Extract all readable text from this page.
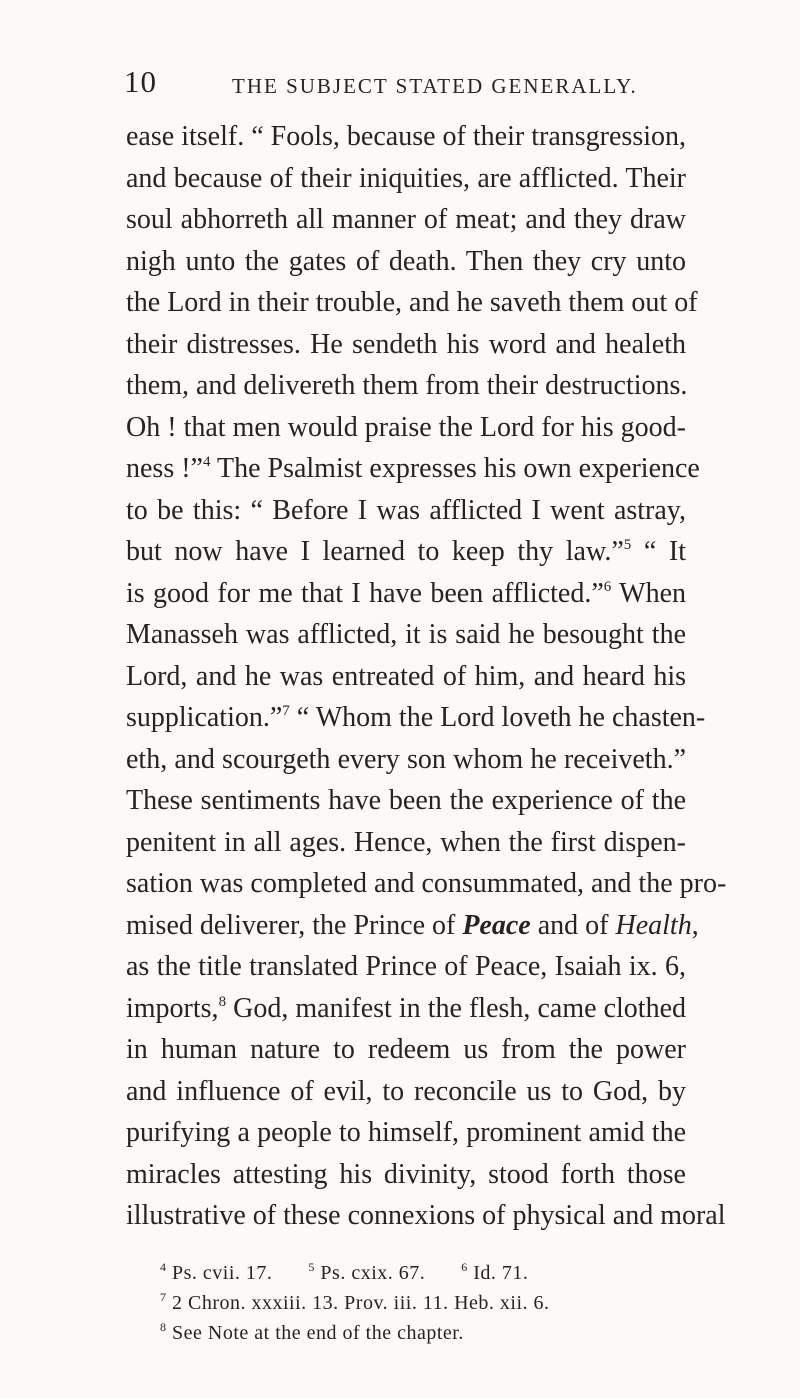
10	THE SUBJECT STATED GENERALLY.
ease itself. “ Fools, because of their transgression,
and because of their iniquities, are afflicted. Their
soul abhorreth all manner of meat; and they draw
nigh unto the gates of death. Then they cry unto
the Lord in their trouble, and he saveth them out of
their distresses. He sendeth his word and healeth
them, and delivereth them from their destructions.
Oh ! that men would praise the Lord for his good-
ness !”$^4$ The Psalmist expresses his own experience
to be this: “ Before I was afflicted I went astray,
but now have I learned to keep thy law.”$^5$ “ It
is good for me that I have been afflicted.”$^6$ When
Manasseh was afflicted, it is said he besought the
Lord, and he was entreated of him, and heard his
supplication.”$^7$ “ Whom the Lord loveth he chasten-
eth, and scourgeth every son whom he receiveth.”
These sentiments have been the experience of the
penitent in all ages. Hence, when the first dispen-
sation was completed and consummated, and the pro-
mised deliverer, the Prince of Peace and of Health,
as the title translated Prince of Peace, Isaiah ix. 6,
imports,$^8$ God, manifest in the flesh, came clothed
in human nature to redeem us from the power
and influence of evil, to reconcile us to God, by
purifying a people to himself, prominent amid the
miracles attesting his divinity, stood forth those
illustrative of these connexions of physical and moral
$^4$ Ps. cvii. 17.	$^5$ Ps. cxix. 67.	$^6$ Id. 71.
$^7$ 2 Chron. xxxiii. 13. Prov. iii. 11. Heb. xii. 6.
$^8$ See Note at the end of the chapter.
